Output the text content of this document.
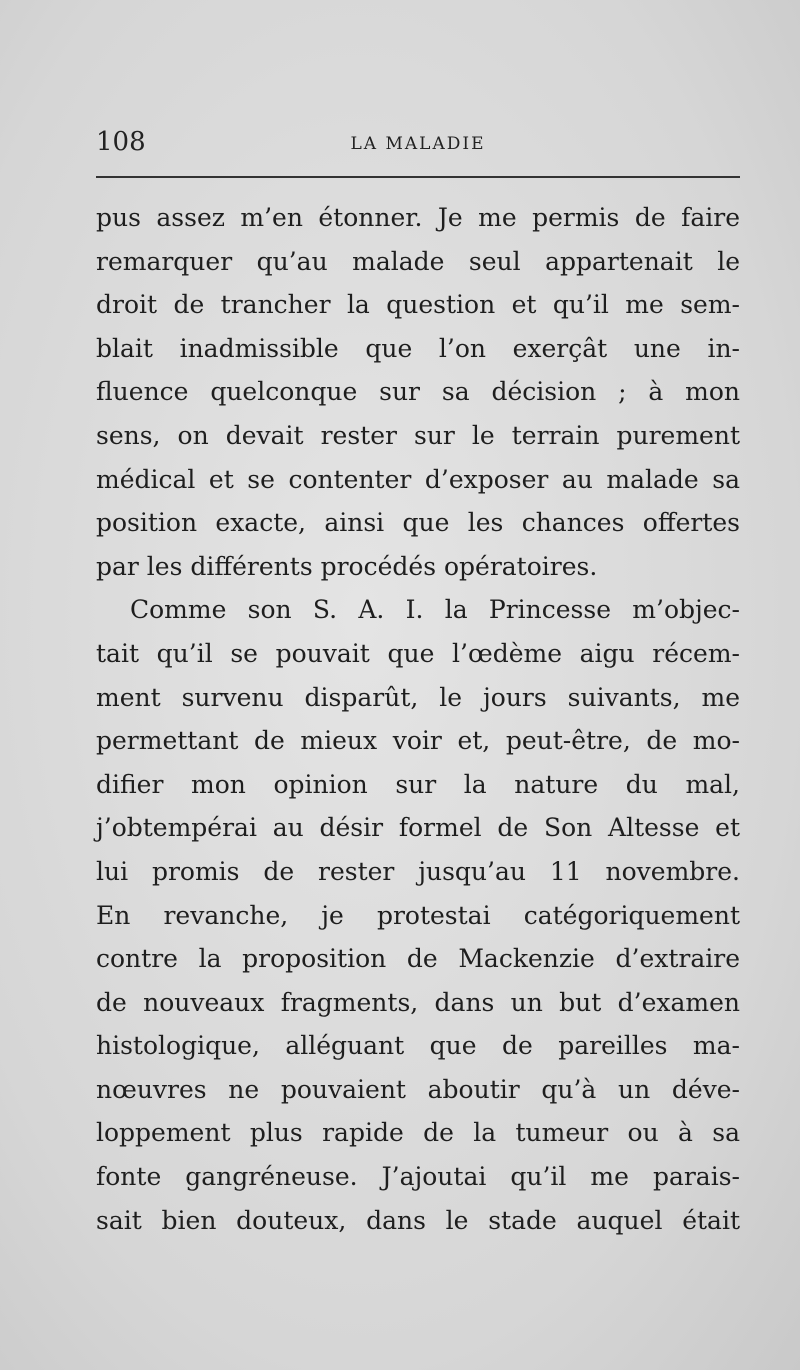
108	LA MALADIE
pus assez m’en étonner. Je me permis de faire
remarquer qu’au malade seul appartenait le
droit de trancher la question et qu’il me sem-
blait inadmissible que l’on exerçât une in-
fluence quelconque sur sa décision ; à mon
sens, on devait rester sur le terrain purement
médical et se contenter d’exposer au malade sa
position exacte, ainsi que les chances offertes
par les différents procédés opératoires.
Comme son S. A. I. la Princesse m’objec-
tait qu’il se pouvait que l’œdème aigu récem-
ment survenu disparût, le jours suivants, me
permettant de mieux voir et, peut-être, de mo-
difier mon opinion sur la nature du mal,
j’obtempérai au désir formel de Son Altesse et
lui promis de rester jusqu’au 11 novembre.
En revanche, je protestai catégoriquement
contre la proposition de Mackenzie d’extraire
de nouveaux fragments, dans un but d’examen
histologique, alléguant que de pareilles ma-
nœuvres ne pouvaient aboutir qu’à un déve-
loppement plus rapide de la tumeur ou à sa
fonte gangréneuse. J’ajoutai qu’il me parais-
sait bien douteux, dans le stade auquel était
